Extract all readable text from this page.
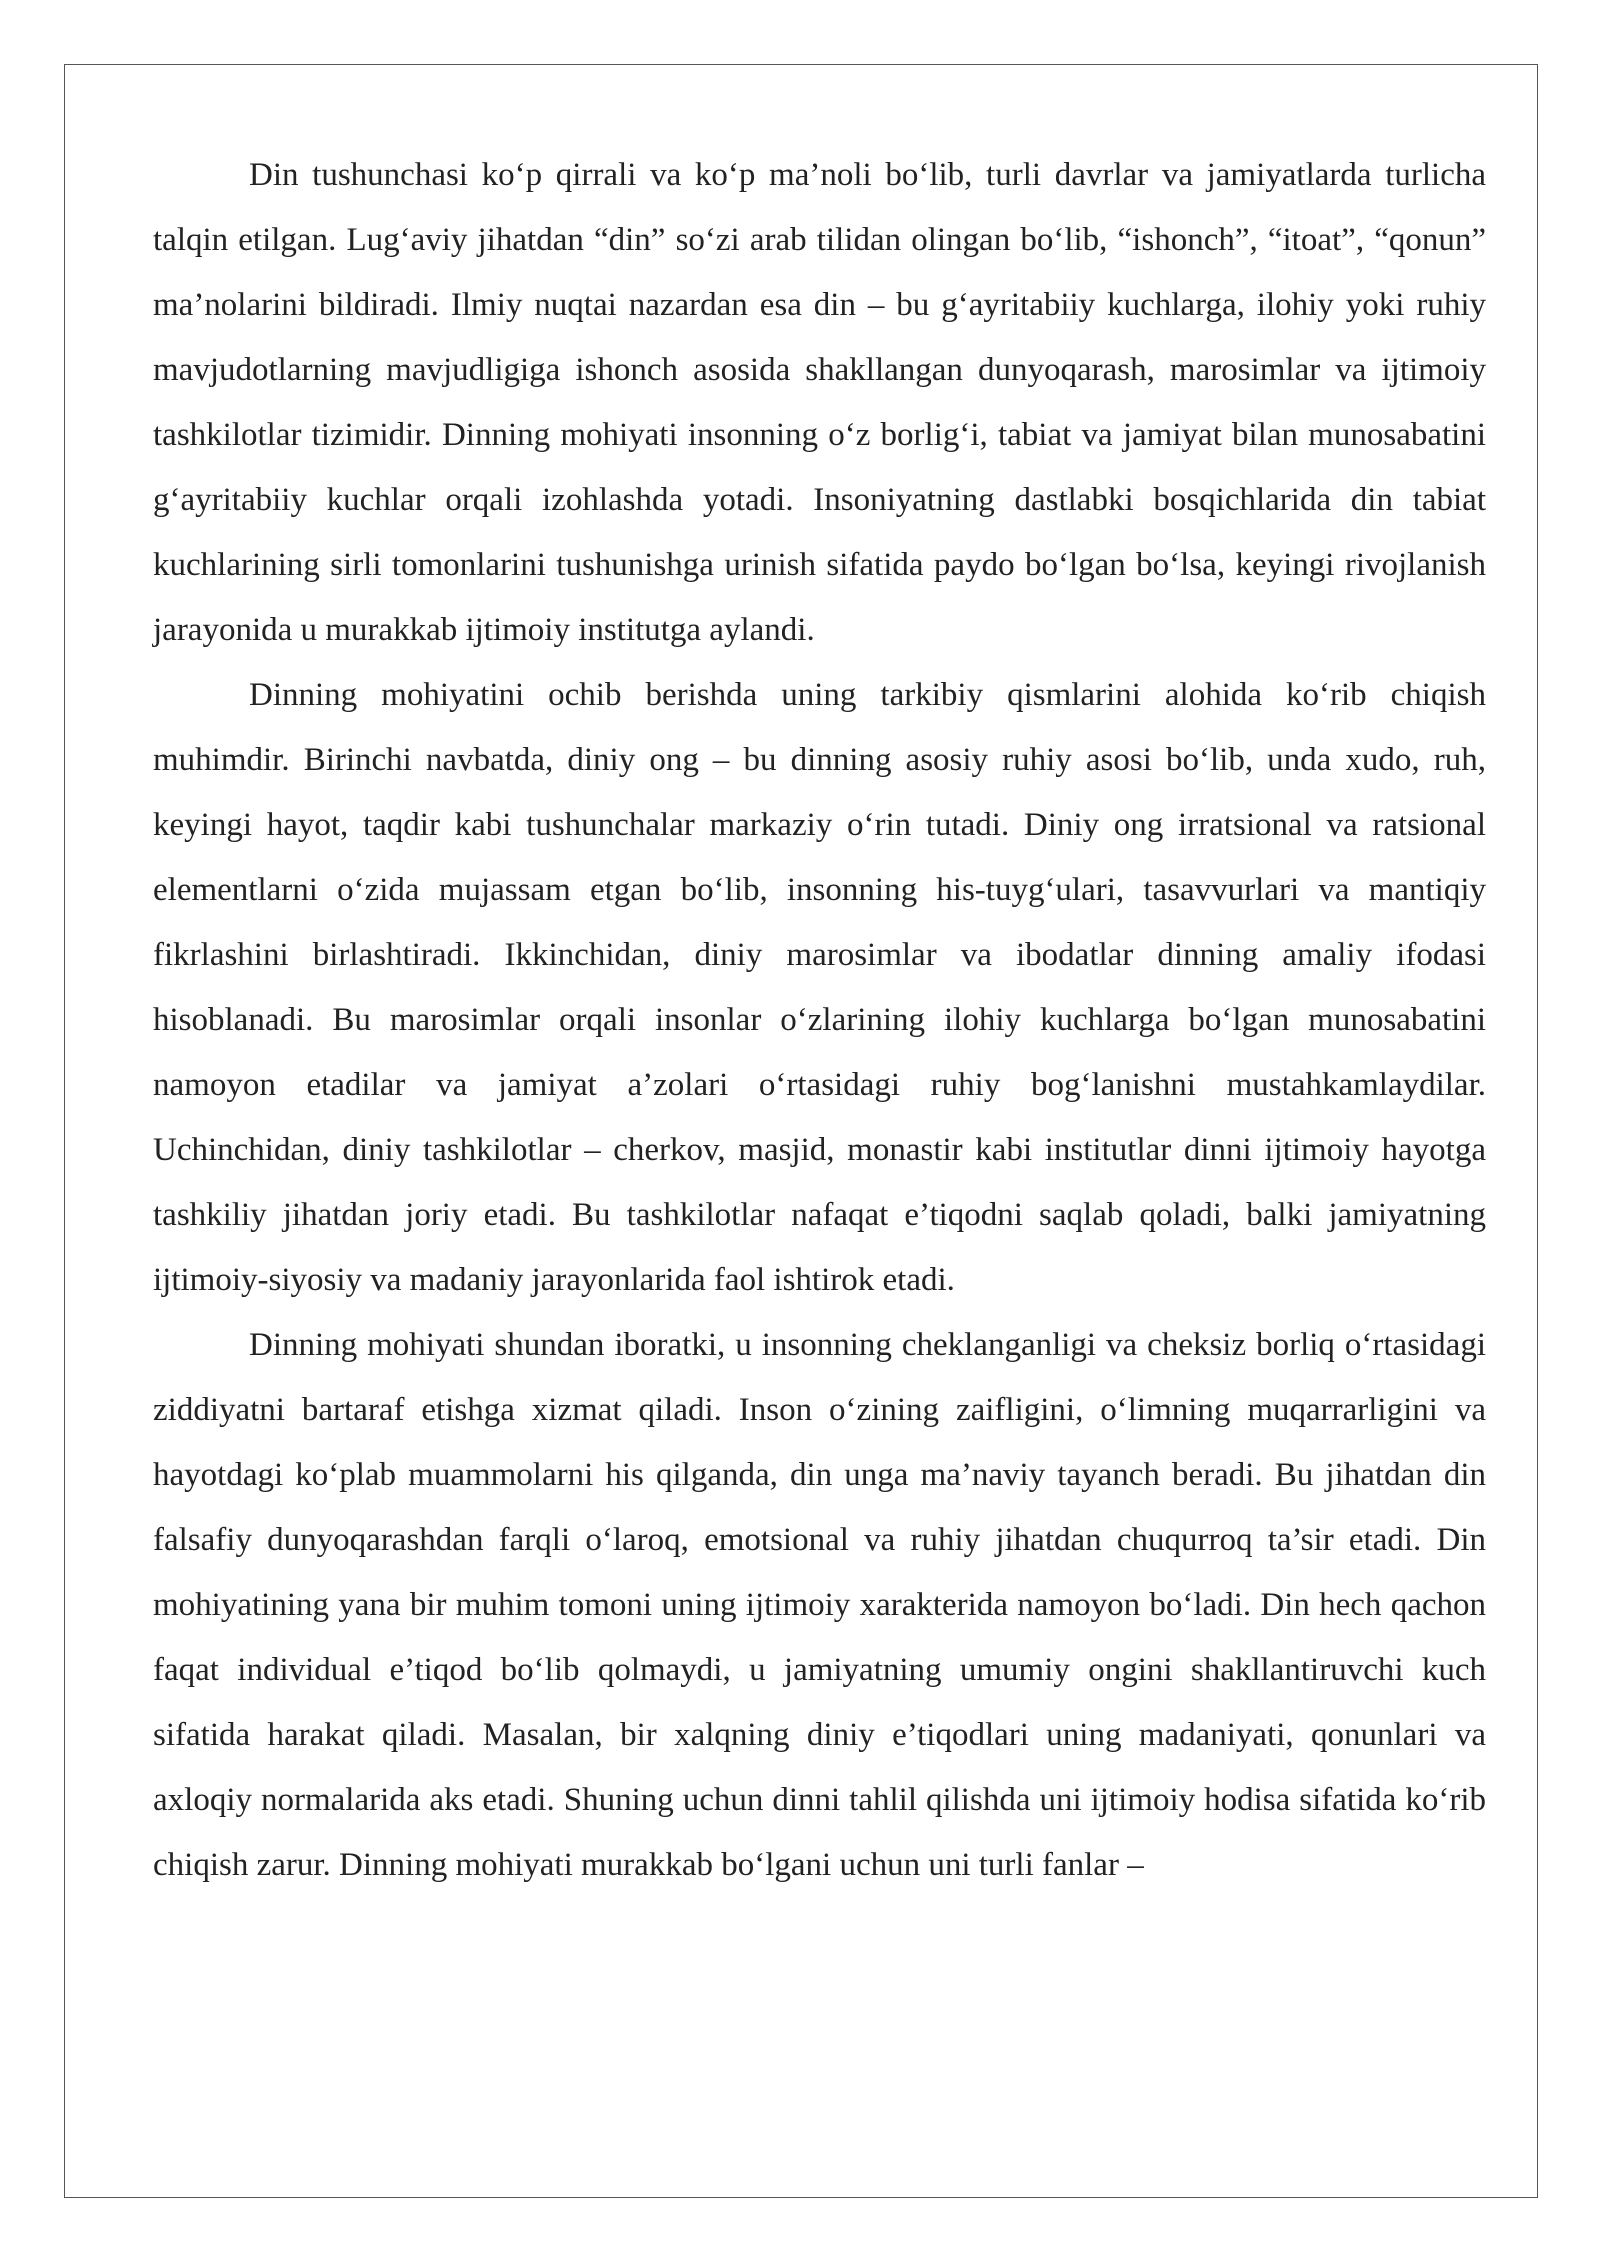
Din tushunchasi ko‘p qirrali va ko‘p ma’noli bo‘lib, turli davrlar va jamiyatlarda turlicha talqin etilgan. Lug‘aviy jihatdan “din” so‘zi arab tilidan olingan bo‘lib, “ishonch”, “itoat”, “qonun” ma’nolarini bildiradi. Ilmiy nuqtai nazardan esa din – bu g‘ayritabiiy kuchlarga, ilohiy yoki ruhiy mavjudotlarning mavjudligiga ishonch asosida shakllangan dunyoqarash, marosimlar va ijtimoiy tashkilotlar tizimidir. Dinning mohiyati insonning o‘z borlig‘i, tabiat va jamiyat bilan munosabatini g‘ayritabiiy kuchlar orqali izohlashda yotadi. Insoniyatning dastlabki bosqichlarida din tabiat kuchlarining sirli tomonlarini tushunishga urinish sifatida paydo bo‘lgan bo‘lsa, keyingi rivojlanish jarayonida u murakkab ijtimoiy institutga aylandi.

Dinning mohiyatini ochib berishda uning tarkibiy qismlarini alohida ko‘rib chiqish muhimdir. Birinchi navbatda, diniy ong – bu dinning asosiy ruhiy asosi bo‘lib, unda xudo, ruh, keyingi hayot, taqdir kabi tushunchalar markaziy o‘rin tutadi. Diniy ong irratsional va ratsional elementlarni o‘zida mujassam etgan bo‘lib, insonning his-tuyg‘ulari, tasavvurlari va mantiqiy fikrlashini birlashtiradi. Ikkinchidan, diniy marosimlar va ibodatlar dinning amaliy ifodasi hisoblanadi. Bu marosimlar orqali insonlar o‘zlarining ilohiy kuchlarga bo‘lgan munosabatini namoyon etadilar va jamiyat a’zolari o‘rtasidagi ruhiy bog‘lanishni mustahkamlaydilar. Uchinchidan, diniy tashkilotlar – cherkov, masjid, monastir kabi institutlar dinni ijtimoiy hayotga tashkiliy jihatdan joriy etadi. Bu tashkilotlar nafaqat e’tiqodni saqlab qoladi, balki jamiyatning ijtimoiy-siyosiy va madaniy jarayonlarida faol ishtirok etadi.

Dinning mohiyati shundan iboratki, u insonning cheklanganligi va cheksiz borliq o‘rtasidagi ziddiyatni bartaraf etishga xizmat qiladi. Inson o‘zining zaifligini, o‘limning muqarrarligini va hayotdagi ko‘plab muammolarni his qilganda, din unga ma’naviy tayanch beradi. Bu jihatdan din falsafiy dunyoqarashdan farqli o‘laroq, emotsional va ruhiy jihatdan chuqurroq ta’sir etadi. Din mohiyatining yana bir muhim tomoni uning ijtimoiy xarakterida namoyon bo‘ladi. Din hech qachon faqat individual e’tiqod bo‘lib qolmaydi, u jamiyatning umumiy ongini shakllantiruvchi kuch sifatida harakat qiladi. Masalan, bir xalqning diniy e’tiqodlari uning madaniyati, qonunlari va axloqiy normalarida aks etadi. Shuning uchun dinni tahlil qilishda uni ijtimoiy hodisa sifatida ko‘rib chiqish zarur. Dinning mohiyati murakkab bo‘lgani uchun uni turli fanlar –
